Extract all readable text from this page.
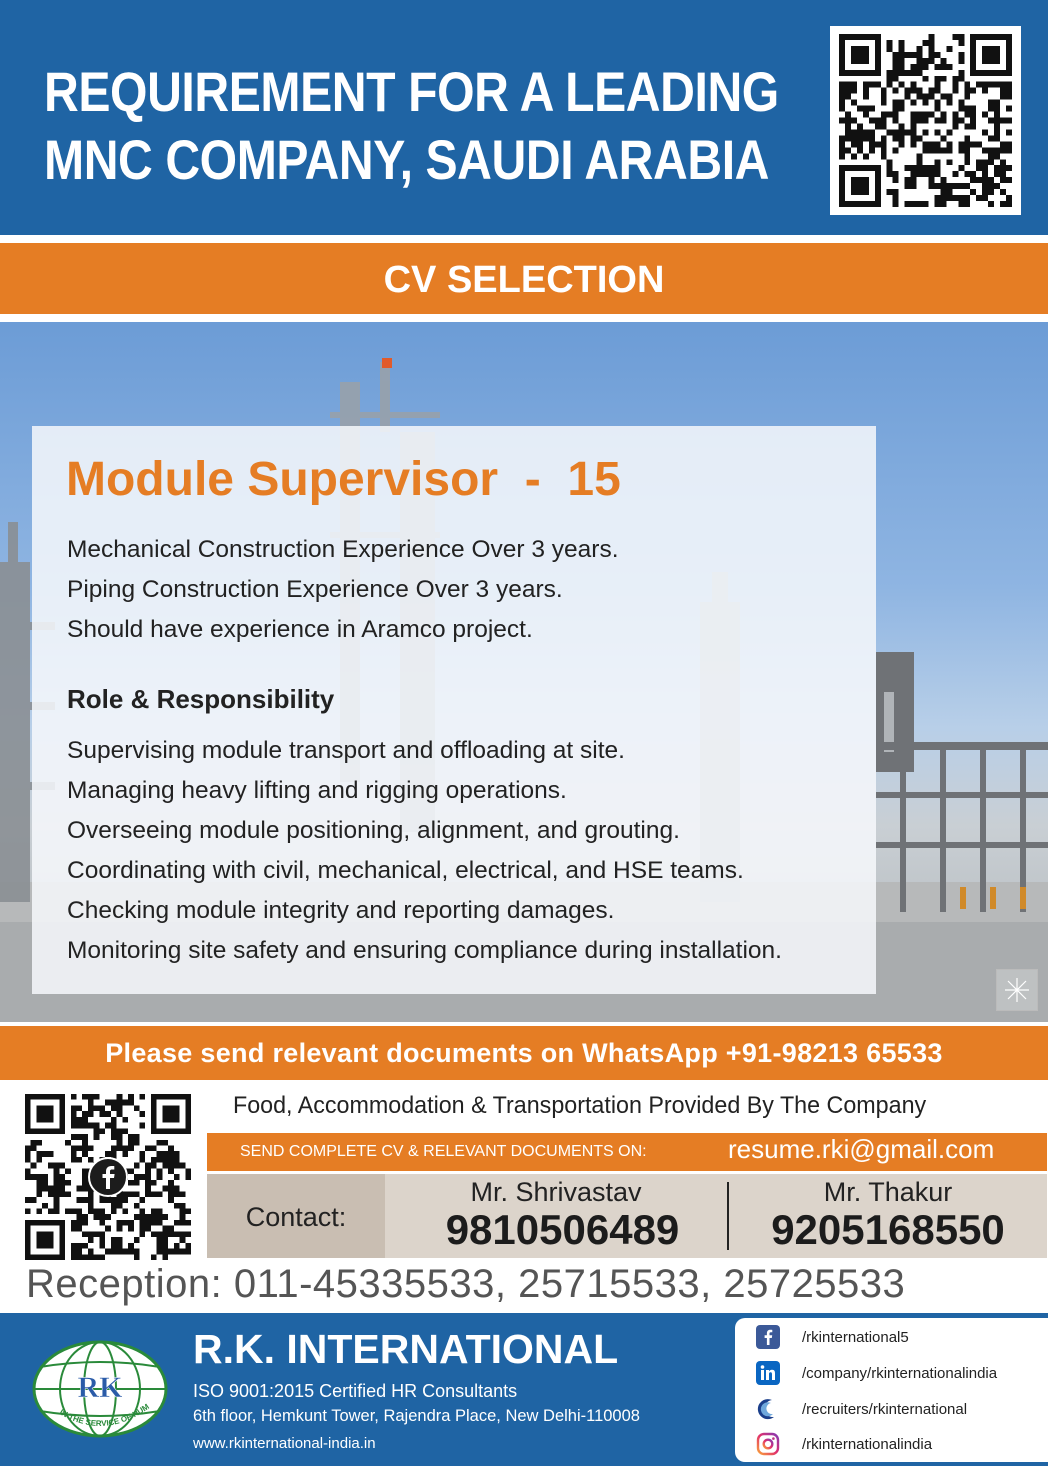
REQUIREMENT FOR A LEADING
MNC COMPANY, SAUDI ARABIA
CV SELECTION
Module Supervisor  -  15
Mechanical Construction Experience Over 3 years.
Piping Construction Experience Over 3 years.
Should have experience in Aramco project.
Role & Responsibility
Supervising module transport and offloading at site.
Managing heavy lifting and rigging operations.
Overseeing module positioning, alignment, and grouting.
Coordinating with civil, mechanical, electrical, and HSE teams.
Checking module integrity and reporting damages.
Monitoring site safety and ensuring compliance during installation.
Please send relevant documents on WhatsApp +91-98213 65533
Food, Accommodation & Transportation Provided By The Company
SEND COMPLETE CV & RELEVANT DOCUMENTS ON:	resume.rki@gmail.com
Contact:
Mr. Shrivastav
9810506489
Mr. Thakur
9205168550
Reception: 011-45335533, 25715533, 25725533
RK
IN THE SERVICE OF HUM
R.K. INTERNATIONAL
ISO 9001:2015 Certified HR Consultants
6th floor, Hemkunt Tower, Rajendra Place, New Delhi-110008
www.rkinternational-india.in
/rkinternational5
/company/rkinternationalindia
/recruiters/rkinternational
/rkinternationalindia
